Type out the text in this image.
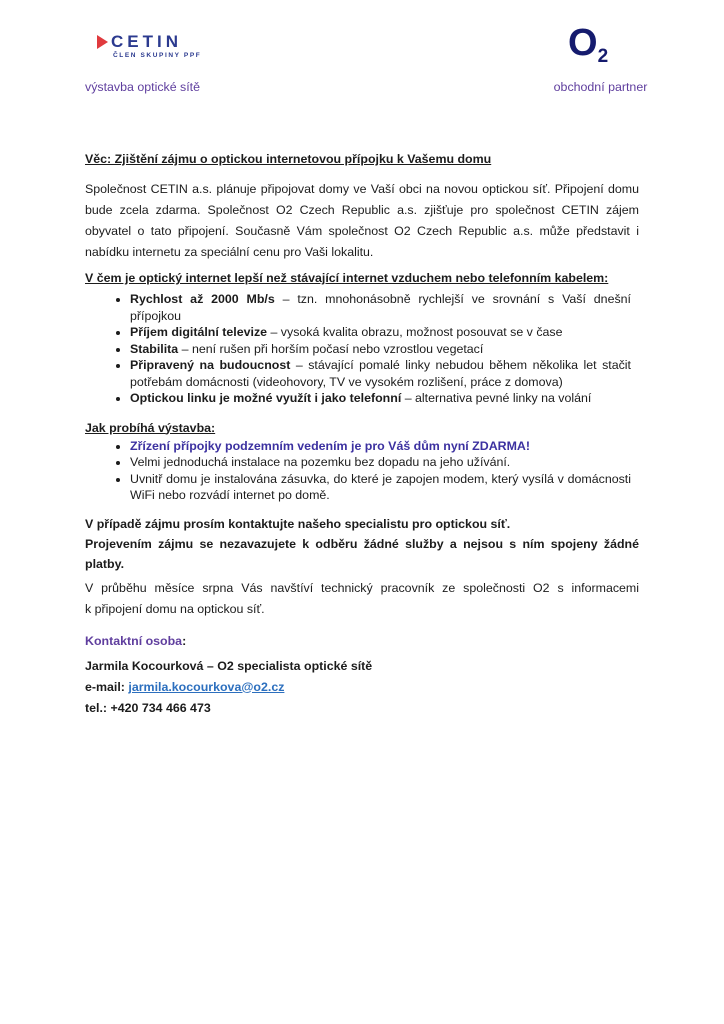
CETIN
ČLEN SKUPINY PPF	O2
výstavba optické sítě	obchodní partner
Věc: Zjištění zájmu o optickou internetovou přípojku k Vašemu domu
Společnost CETIN a.s. plánuje připojovat domy ve Vaší obci na novou optickou síť. Připojení domu bude zcela zdarma. Společnost O2 Czech Republic a.s. zjišťuje pro společnost CETIN zájem obyvatel o tato připojení. Současně Vám společnost O2 Czech Republic a.s. může představit i nabídku internetu za speciální cenu pro Vaši lokalitu.
V čem je optický internet lepší než stávající internet vzduchem nebo telefonním kabelem:
• Rychlost až 2000 Mb/s – tzn. mnohonásobně rychlejší ve srovnání s Vaší dnešní přípojkou
• Příjem digitální televize – vysoká kvalita obrazu, možnost posouvat se v čase
• Stabilita – není rušen při horším počasí nebo vzrostlou vegetací
• Připravený na budoucnost – stávající pomalé linky nebudou během několika let stačit potřebám domácnosti (videohovory, TV ve vysokém rozlišení, práce z domova)
• Optickou linku je možné využít i jako telefonní – alternativa pevné linky na volání
Jak probíhá výstavba:
• Zřízení přípojky podzemním vedením je pro Váš dům nyní ZDARMA!
• Velmi jednoduchá instalace na pozemku bez dopadu na jeho užívání.
• Uvnitř domu je instalována zásuvka, do které je zapojen modem, který vysílá v domácnosti WiFi nebo rozvádí internet po domě.
V případě zájmu prosím kontaktujte našeho specialistu pro optickou síť.
Projevením zájmu se nezavazujete k odběru žádné služby a nejsou s ním spojeny žádné platby.
V průběhu měsíce srpna Vás navštíví technický pracovník ze společnosti O2 s informacemi k připojení domu na optickou síť.
Kontaktní osoba:
Jarmila Kocourková – O2 specialista optické sítě
e-mail: jarmila.kocourkova@o2.cz
tel.: +420 734 466 473
